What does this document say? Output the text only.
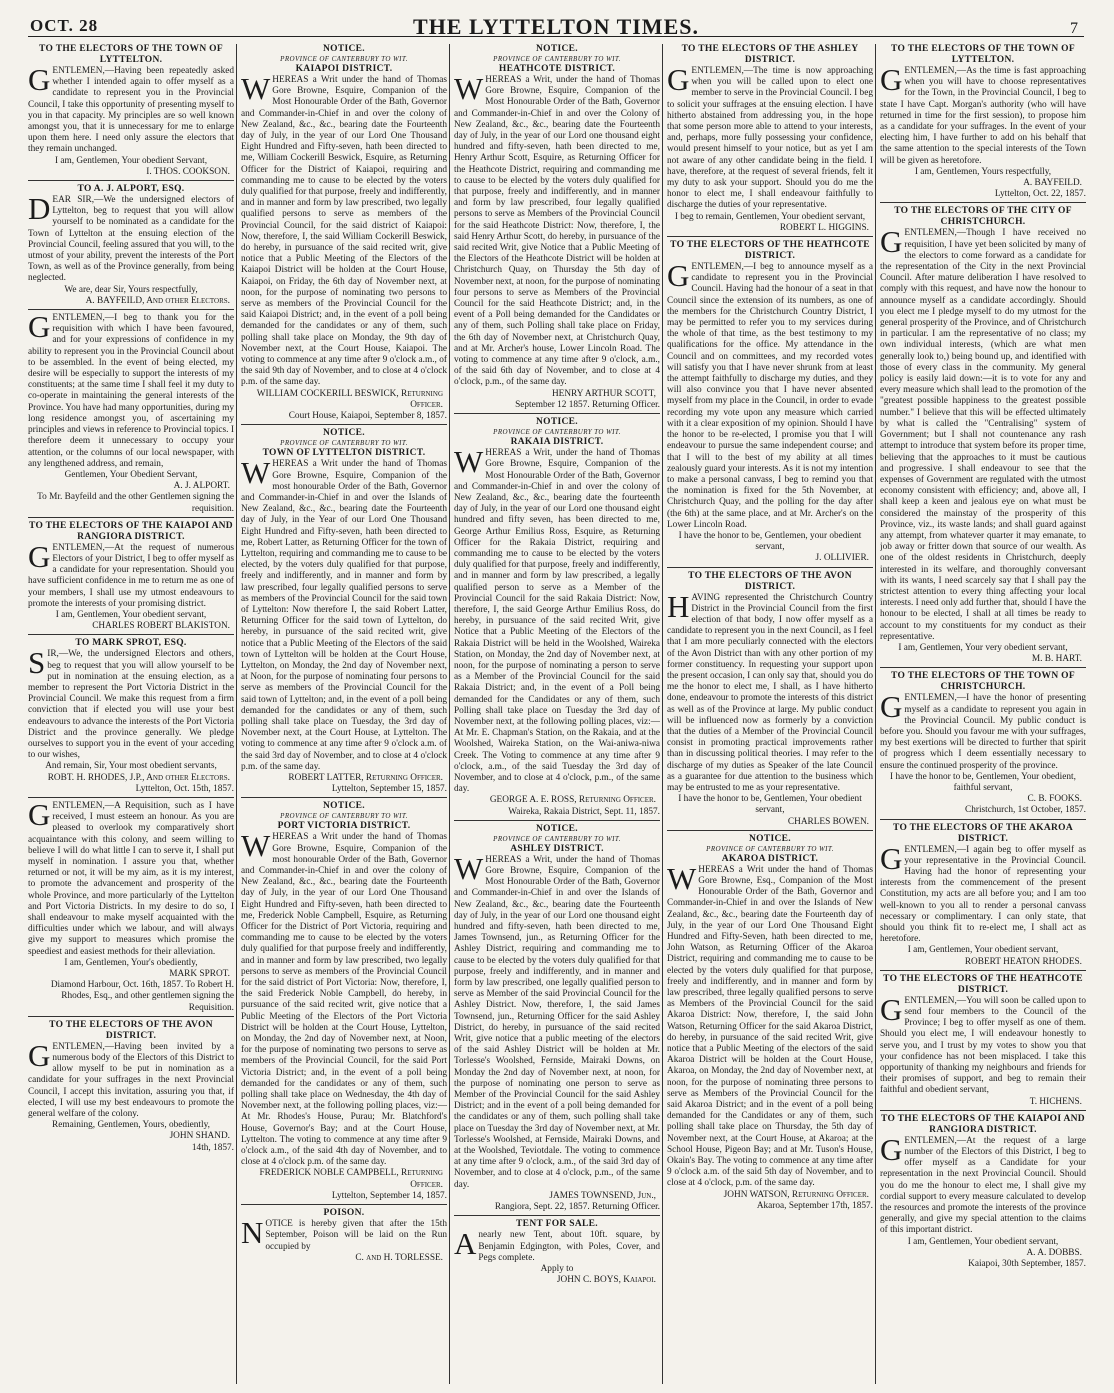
OCT. 28	THE LYTTELTON TIMES.	7
TO THE ELECTORS OF THE TOWN OF LYTTELTON.

GENTLEMEN,—Having been repeatedly asked whether I intended again to offer myself as a candidate to represent you in the Provincial Council, I take this opportunity of presenting myself to you in that capacity. My principles are so well known amongst you, that it is unnecessary for me to enlarge upon them here. I need only assure the electors that they remain unchanged.

I am, Gentlemen, Your obedient Servant,
I. THOS. COOKSON.
TO A. J. ALPORT, ESQ.

DEAR SIR,—We the undersigned electors of Lyttelton, beg to request that you will allow yourself to be nominated as a candidate for the Town of Lyttelton at the ensuing election of the Provincial Council, feeling assured that you will, to the utmost of your ability, prevent the interests of the Port Town, as well as of the Province generally, from being neglected.

We are, dear Sir, Yours respectfully,
A. BAYFEILD, And other Electors.

GENTLEMEN,—I beg to thank you for the requisition with which I have been favoured, and for your expressions of confidence in my ability to represent you in the Provincial Council about to be assembled. In the event of being elected, my desire will be especially to support the interests of my constituents; at the same time I shall feel it my duty to co-operate in maintaining the general interests of the Province. You have had many opportunities, during my long residence amongst you, of ascertaining my principles and views in reference to Provincial topics. I therefore deem it unnecessary to occupy your attention, or the columns of our local newspaper, with any lengthened address, and remain,

Gentlemen, Your Obedient Servant,
A. J. ALPORT.
To Mr. Bayfeild and the other Gentlemen signing the requisition.
TO THE ELECTORS OF THE KAIAPOI AND RANGIORA DISTRICT.

GENTLEMEN,—At the request of numerous Electors of your District, I beg to offer myself as a candidate for your representation. Should you have sufficient confidence in me to return me as one of your members, I shall use my utmost endeavours to promote the interests of your promising district.

I am, Gentlemen, Your obedient servant,
CHARLES ROBERT BLAKISTON.
TO MARK SPROT, ESQ.

SIR,—We, the undersigned Electors and others, beg to request that you will allow yourself to be put in nomination at the ensuing election, as a member to represent the Port Victoria District in the Provincial Council. We make this request from a firm conviction that if elected you will use your best endeavours to advance the interests of the Port Victoria District and the province generally. We pledge ourselves to support you in the event of your acceding to our wishes,

And remain, Sir, Your most obedient servants,
ROBT. H. RHODES, J.P., And other Electors.
Lyttelton, Oct. 15th, 1857.

GENTLEMEN,—A Requisition, such as I have received, I must esteem an honour. As you are pleased to overlook my comparatively short acquaintance with this colony, and seem willing to believe I will do what little I can to serve it, I shall put myself in nomination. I assure you that, whether returned or not, it will be my aim, as it is my interest, to promote the advancement and prosperity of the whole Province, and more particularly of the Lyttelton and Port Victoria Districts. In my desire to do so, I shall endeavour to make myself acquainted with the difficulties under which we labour, and will always give my support to measures which promise the speediest and easiest methods for their alleviation.

I am, Gentlemen, Your's obediently,
MARK SPROT.
Diamond Harbour, Oct. 16th, 1857. To Robert H. Rhodes, Esq., and other gentlemen signing the Requisition.
TO THE ELECTORS OF THE AVON DISTRICT.

GENTLEMEN,—Having been invited by a numerous body of the Electors of this District to allow myself to be put in nomination as a candidate for your suffrages in the next Provincial Council, I accept this invitation, assuring you that, if elected, I will use my best endeavours to promote the general welfare of the colony.

Remaining, Gentlemen, Yours, obediently,
JOHN SHAND.
14th, 1857.
NOTICE.
PROVINCE OF CANTERBURY TO WIT.
KAIAPOI DISTRICT.

WHEREAS a Writ under the hand of Thomas Gore Browne, Esquire, Companion of the Most Honourable Order of the Bath, Governor and Commander-in-Chief in and over the colony of New Zealand, &c., &c., bearing date the Fourteenth day of July, in the year of our Lord One Thousand Eight Hundred and Fifty-seven, hath been directed to me, William Cockerill Beswick, Esquire, as Returning Officer for the District of Kaiapoi, requiring and commanding me to cause to be elected by the voters duly qualified for that purpose, freely and indifferently, and in manner and form by law prescribed, two legally qualified persons to serve as members of the Provincial Council, for the said district of Kaiapoi: Now, therefore, I, the said William Cockerill Beswick, do hereby, in pursuance of the said recited writ, give notice that a Public Meeting of the Electors of the Kaiapoi District will be holden at the Court House, Kaiapoi, on Friday, the 6th day of November next, at noon, for the purpose of nominating two persons to serve as members of the Provincial Council for the said Kaiapoi District; and, in the event of a poll being demanded for the candidates or any of them, such polling shall take place on Monday, the 9th day of November next, at the Court House, Kaiapoi. The voting to commence at any time after 9 o'clock a.m., of the said 9th day of November, and to close at 4 o'clock p.m. of the same day.

WILLIAM COCKERILL BESWICK, Returning Officer.
Court House, Kaiapoi, September 8, 1857.
NOTICE.
PROVINCE OF CANTERBURY TO WIT.
TOWN OF LYTTELTON DISTRICT.

WHEREAS a Writ under the hand of Thomas Gore Browne, Esquire, Companion of the most honourable Order of the Bath, Governor and Commander-in-Chief in and over the Islands of New Zealand, &c., &c., bearing date the Fourteenth day of July, in the Year of our Lord One Thousand Eight Hundred and Fifty-seven, hath been directed to me, Robert Latter, as Returning Officer for the town of Lyttelton, requiring and commanding me to cause to be elected, by the voters duly qualified for that purpose, freely and indifferently, and in manner and form by law prescribed, four legally qualified persons to serve as members of the Provincial Council for the said town of Lyttelton: Now therefore I, the said Robert Latter, Returning Officer for the said town of Lyttelton, do hereby, in pursuance of the said recited writ, give notice that a Public Meeting of the Electors of the said town of Lyttelton will be holden at the Court House, Lyttelton, on Monday, the 2nd day of November next, at Noon, for the purpose of nominating four persons to serve as members of the Provincial Council for the said town of Lyttelton; and, in the event of a poll being demanded for the candidates or any of them, such polling shall take place on Tuesday, the 3rd day of November next, at the Court House, at Lyttelton. The voting to commence at any time after 9 o'clock a.m. of the said 3rd day of November, and to close at 4 o'clock p.m. of the same day.

ROBERT LATTER, Returning Officer.
Lyttelton, September 15, 1857.
NOTICE.
PROVINCE OF CANTERBURY TO WIT.
PORT VICTORIA DISTRICT.

WHEREAS a Writ under the hand of Thomas Gore Browne, Esquire, Companion of the most honourable Order of the Bath, Governor and Commander-in-Chief in and over the colony of New Zealand, &c., &c., bearing date the Fourteenth day of July, in the year of our Lord One Thousand Eight Hundred and Fifty-seven, hath been directed to me, Frederick Noble Campbell, Esquire, as Returning Officer for the District of Port Victoria, requiring and commanding me to cause to be elected by the voters duly qualified for that purpose freely and indifferently, and in manner and form by law prescribed, two legally persons to serve as members of the Provincial Council for the said district of Port Victoria: Now, therefore, I, the said Frederick Noble Campbell, do hereby, in pursuance of the said recited writ, give notice that a Public Meeting of the Electors of the Port Victoria District will be holden at the Court House, Lyttelton, on Monday, the 2nd day of November next, at Noon, for the purpose of nominating two persons to serve as members of the Provincial Council, for the said Port Victoria District; and, in the event of a poll being demanded for the candidates or any of them, such polling shall take place on Wednesday, the 4th day of November next, at the following polling places, viz:— At Mr. Rhodes's House, Purau; Mr. Blatchford's House, Governor's Bay; and at the Court House, Lyttelton. The voting to commence at any time after 9 o'clock a.m., of the said 4th day of November, and to close at 4 o'clock p.m. of the same day.

FREDERICK NOBLE CAMPBELL, Returning Officer.
Lyttelton, September 14, 1857.
POISON.

NOTICE is hereby given that after the 15th September, Poison will be laid on the Run occupied by

C. and H. TORLESSE.
NOTICE.
PROVINCE OF CANTERBURY TO WIT.
HEATHCOTE DISTRICT.

WHEREAS a Writ, under the hand of Thomas Gore Browne, Esquire, Companion of the Most Honourable Order of the Bath, Governor and Commander-in-Chief in and over the Colony of New Zealand, &c., &c., bearing date the Fourteenth day of July, in the year of our Lord one thousand eight hundred and fifty-seven, hath been directed to me, Henry Arthur Scott, Esquire, as Returning Officer for the Heathcote District, requiring and commanding me to cause to be elected by the voters duly qualified for that purpose, freely and indifferently, and in manner and form by law prescribed, four legally qualified persons to serve as Members of the Provincial Council for the said Heathcote District: Now, therefore, I, the said Henry Arthur Scott, do hereby, in pursuance of the said recited Writ, give Notice that a Public Meeting of the Electors of the Heathcote District will be holden at Christchurch Quay, on Thursday the 5th day of November next, at noon, for the purpose of nominating four persons to serve as Members of the Provincial Council for the said Heathcote District; and, in the event of a Poll being demanded for the Candidates or any of them, such Polling shall take place on Friday, the 6th day of November next, at Christchurch Quay, and at Mr. Archer's house, Lower Lincoln Road. The voting to commence at any time after 9 o'clock, a.m., of the said 6th day of November, and to close at 4 o'clock, p.m., of the same day.

HENRY ARTHUR SCOTT,
September 12 1857. Returning Officer.
NOTICE.
PROVINCE OF CANTERBURY TO WIT.
RAKAIA DISTRICT.

WHEREAS a Writ, under the hand of Thomas Gore Browne, Esquire, Companion of the Most Honourable Order of the Bath, Governor and Commander-in-Chief in and over the colony of New Zealand, &c., &c., bearing date the fourteenth day of July, in the year of our Lord one thousand eight hundred and fifty seven, has been directed to me, George Arthur Emilius Ross, Esquire, as Returning Officer for the Rakaia District, requiring and commanding me to cause to be elected by the voters duly qualified for that purpose, freely and indifferently, and in manner and form by law prescribed, a legally qualified person to serve as a Member of the Provincial Council for the said Rakaia District: Now, therefore, I, the said George Arthur Emilius Ross, do hereby, in pursuance of the said recited Writ, give Notice that a Public Meeting of the Electors of the Rakaia District will be held in the Woolshed, Waireka Station, on Monday, the 2nd day of November next, at noon, for the purpose of nominating a person to serve as a Member of the Provincial Council for the said Rakaia District; and, in the event of a Poll being demanded for the Candidates or any of them, such Polling shall take place on Tuesday the 3rd day of November next, at the following polling places, viz:— At Mr. E. Chapman's Station, on the Rakaia, and at the Woolshed, Waireka Station, on the Wai-aniwa-niwa Creek. The Voting to commence at any time after 9 o'clock, a.m., of the said Tuesday the 3rd day of November, and to close at 4 o'clock, p.m., of the same day.

GEORGE A. E. ROSS, Returning Officer.
Waireka, Rakaia District, Sept. 11, 1857.
NOTICE.
PROVINCE OF CANTERBURY TO WIT.
ASHLEY DISTRICT.

WHEREAS a Writ, under the hand of Thomas Gore Browne, Esquire, Companion of the Most Honourable Order of the Bath, Governor and Commander-in-Chief in and over the Islands of New Zealand, &c., &c., bearing date the Fourteenth day of July, in the year of our Lord one thousand eight hundred and fifty-seven, hath been directed to me, James Townsend, jun., as Returning Officer for the Ashley District, requiring and commanding me to cause to be elected by the voters duly qualified for that purpose, freely and indifferently, and in manner and form by law prescribed, one legally qualified person to serve as Member of the said Provincial Council for the Ashley District. Now, therefore, I, the said James Townsend, jun., Returning Officer for the said Ashley District, do hereby, in pursuance of the said recited Writ, give notice that a public meeting of the electors of the said Ashley District will be holden at Mr. Torlesse's Woolshed, Fernside, Mairaki Downs, on Monday the 2nd day of November next, at noon, for the purpose of nominating one person to serve as Member of the Provincial Council for the said Ashley District; and in the event of a poll being demanded for the candidates or any of them, such polling shall take place on Tuesday the 3rd day of November next, at Mr. Torlesse's Woolshed, at Fernside, Mairaki Downs, and at the Woolshed, Teviotdale. The voting to commence at any time after 9 o'clock, a.m., of the said 3rd day of November, and to close at 4 o'clock, p.m., of the same day.

JAMES TOWNSEND, Jun.,
Rangiora, Sept. 22, 1857. Returning Officer.
TENT FOR SALE.

Anearly new Tent, about 10ft. square, by Benjamin Edgington, with Poles, Cover, and Pegs complete.

Apply to
JOHN C. BOYS, Kaiapoi.
TO THE ELECTORS OF THE ASHLEY DISTRICT.

GENTLEMEN,—The time is now approaching when you will be called upon to elect one member to serve in the Provincial Council. I beg to solicit your suffrages at the ensuing election. I have hitherto abstained from addressing you, in the hope that some person more able to attend to your interests, and, perhaps, more fully possessing your confidence, would present himself to your notice, but as yet I am not aware of any other candidate being in the field. I have, therefore, at the request of several friends, felt it my duty to ask your support. Should you do me the honor to elect me, I shall endeavour faithfully to discharge the duties of your representative.

I beg to remain, Gentlemen, Your obedient servant,
ROBERT L. HIGGINS.
TO THE ELECTORS OF THE HEATHCOTE DISTRICT.

GENTLEMEN,—I beg to announce myself as a candidate to represent you in the Provincial Council. Having had the honour of a seat in that Council since the extension of its numbers, as one of the members for the Christchurch Country District, I may be permitted to refer you to my services during the whole of that time, as the best testimony to my qualifications for the office. My attendance in the Council and on committees, and my recorded votes will satisfy you that I have never shrunk from at least the attempt faithfully to discharge my duties, and they will also convince you that I have never absented myself from my place in the Council, in order to evade recording my vote upon any measure which carried with it a clear exposition of my opinion. Should I have the honor to be re-elected, I promise you that I will endeavour to pursue the same independent course; and that I will to the best of my ability at all times zealously guard your interests. As it is not my intention to make a personal canvass, I beg to remind you that the nomination is fixed for the 5th November, at Christchurch Quay, and the polling for the day after (the 6th) at the same place, and at Mr. Archer's on the Lower Lincoln Road.

I have the honor to be, Gentlemen, your obedient servant,
J. OLLIVIER.
TO THE ELECTORS OF THE AVON DISTRICT.

HAVING represented the Christchurch Country District in the Provincial Council from the first election of that body, I now offer myself as a candidate to represent you in the next Council, as I feel that I am more peculiarly connected with the electors of the Avon District than with any other portion of my former constituency. In requesting your support upon the present occasion, I can only say that, should you do me the honor to elect me, I shall, as I have hitherto done, endeavour to promote the interests of this district as well as of the Province at large. My public conduct will be influenced now as formerly by a conviction that the duties of a Member of the Provincial Council consist in promoting practical improvements rather than in discussing political theories. I may refer to the discharge of my duties as Speaker of the late Council as a guarantee for due attention to the business which may be entrusted to me as your representative.

I have the honor to be, Gentlemen, Your obedient servant,
CHARLES BOWEN.
NOTICE.
PROVINCE OF CANTERBURY TO WIT.
AKAROA DISTRICT.

WHEREAS a Writ under the hand of Thomas Gore Browne, Esq., Companion of the Most Honourable Order of the Bath, Governor and Commander-in-Chief in and over the Islands of New Zealand, &c., &c., bearing date the Fourteenth day of July, in the year of our Lord One Thousand Eight Hundred and Fifty-Seven, hath been directed to me, John Watson, as Returning Officer of the Akaroa District, requiring and commanding me to cause to be elected by the voters duly qualified for that purpose, freely and indifferently, and in manner and form by law prescribed, three legally qualified persons to serve as Members of the Provincial Council for the said Akaroa District: Now, therefore, I, the said John Watson, Returning Officer for the said Akaroa District, do hereby, in pursuance of the said recited Writ, give notice that a Public Meeting of the electors of the said Akaroa District will be holden at the Court House, Akaroa, on Monday, the 2nd day of November next, at noon, for the purpose of nominating three persons to serve as Members of the Provincial Council for the said Akaroa District; and in the event of a poll being demanded for the Candidates or any of them, such polling shall take place on Thursday, the 5th day of November next, at the Court House, at Akaroa; at the School House, Pigeon Bay; and at Mr. Tuson's House, Okain's Bay. The voting to commence at any time after 9 o'clock a.m. of the said 5th day of November, and to close at 4 o'clock, p.m. of the same day.

JOHN WATSON, Returning Officer.
Akaroa, September 17th, 1857.
TO THE ELECTORS OF THE TOWN OF LYTTELTON.

GENTLEMEN,—As the time is fast approaching when you will have to choose representatives for the Town, in the Provincial Council, I beg to state I have Capt. Morgan's authority (who will have returned in time for the first session), to propose him as a candidate for your suffrages. In the event of your electing him, I have further to add on his behalf that the same attention to the special interests of the Town will be given as heretofore.

I am, Gentlemen, Yours respectfully,
A. BAYFEILD.
Lyttelton, Oct. 22, 1857.
TO THE ELECTORS OF THE CITY OF CHRISTCHURCH.

GENTLEMEN,—Though I have received no requisition, I have yet been solicited by many of the electors to come forward as a candidate for the representation of the City in the next Provincial Council. After mature deliberation I have resolved to comply with this request, and have now the honour to announce myself as a candidate accordingly. Should you elect me I pledge myself to do my utmost for the general prosperity of the Province, and of Christchurch in particular. I am the representative of no class; my own individual interests, (which are what men generally look to,) being bound up, and identified with those of every class in the community. My general policy is easily laid down:—it is to vote for any and every measure which shall lead to the promotion of the "greatest possible happiness to the greatest possible number." I believe that this will be effected ultimately by what is called the "Centralising" system of Government; but I shall not countenance any rash attempt to introduce that system before its proper time, believing that the approaches to it must be cautious and progressive. I shall endeavour to see that the expenses of Government are regulated with the utmost economy consistent with efficiency; and, above all, I shall keep a keen and jealous eye on what must be considered the mainstay of the prosperity of this Province, viz., its waste lands; and shall guard against any attempt, from whatever quarter it may emanate, to job away or fritter down that source of our wealth. As one of the oldest residents in Christchurch, deeply interested in its welfare, and thoroughly conversant with its wants, I need scarcely say that I shall pay the strictest attention to every thing affecting your local interests. I need only add further that, should I have the honour to be elected, I shall at all times be ready to account to my constituents for my conduct as their representative.

I am, Gentlemen, Your very obedient servant,
M. B. HART.
TO THE ELECTORS OF THE TOWN OF CHRISTCHURCH.

GENTLEMEN,—I have the honor of presenting myself as a candidate to represent you again in the Provincial Council. My public conduct is before you. Should you favour me with your suffrages, my best exertions will be directed to further that spirit of progress which I deem essentially necessary to ensure the continued prosperity of the province.

I have the honor to be, Gentlemen, Your obedient, faithful servant,
C. B. FOOKS.
Christchurch, 1st October, 1857.
TO THE ELECTORS OF THE AKAROA DISTRICT.

GENTLEMEN,—I again beg to offer myself as your representative in the Provincial Council. Having had the honor of representing your interests from the commencement of the present Constitution, my acts are all before you; and I am too well-known to you all to render a personal canvass necessary or complimentary. I can only state, that should you think fit to re-elect me, I shall act as heretofore.

I am, Gentlemen, Your obedient servant,
ROBERT HEATON RHODES.
TO THE ELECTORS OF THE HEATHCOTE DISTRICT.

GENTLEMEN,—You will soon be called upon to send four members to the Council of the Province; I beg to offer myself as one of them. Should you elect me, I will endeavour honestly to serve you, and I trust by my votes to show you that your confidence has not been misplaced. I take this opportunity of thanking my neighbours and friends for their promises of support, and beg to remain their faithful and obedient servant,

T. HICHENS.
TO THE ELECTORS OF THE KAIAPOI AND RANGIORA DISTRICT.

GENTLEMEN,—At the request of a large number of the Electors of this District, I beg to offer myself as a Candidate for your representation in the next Provincial Council. Should you do me the honour to elect me, I shall give my cordial support to every measure calculated to develop the resources and promote the interests of the province generally, and give my special attention to the claims of this important district.

I am, Gentlemen, Your obedient servant,
A. A. DOBBS.
Kaiapoi, 30th September, 1857.
